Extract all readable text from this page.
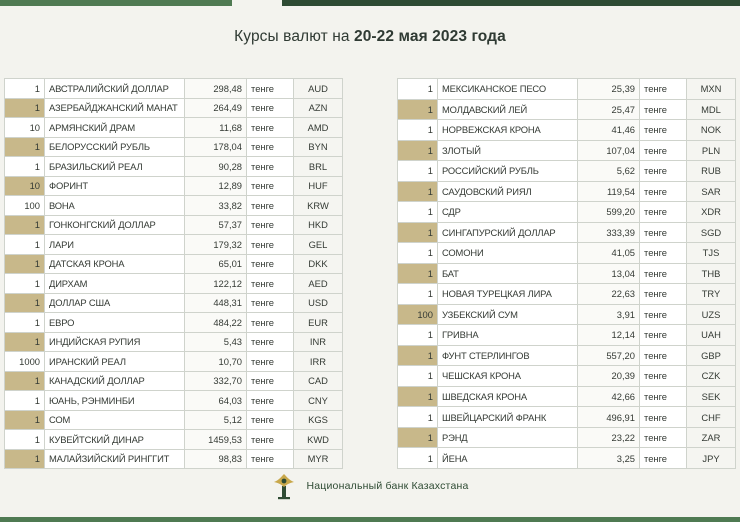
Курсы валют на 20-22 мая 2023 года
1	АВСТРАЛИЙСКИЙ ДОЛЛАР	298,48	тенге	AUD
1	АЗЕРБАЙДЖАНСКИЙ МАНАТ	264,49	тенге	AZN
10	АРМЯНСКИЙ ДРАМ	11,68	тенге	AMD
1	БЕЛОРУССКИЙ РУБЛЬ	178,04	тенге	BYN
1	БРАЗИЛЬСКИЙ РЕАЛ	90,28	тенге	BRL
10	ФОРИНТ	12,89	тенге	HUF
100	ВОНА	33,82	тенге	KRW
1	ГОНКОНГСКИЙ ДОЛЛАР	57,37	тенге	HKD
1	ЛАРИ	179,32	тенге	GEL
1	ДАТСКАЯ КРОНА	65,01	тенге	DKK
1	ДИРХАМ	122,12	тенге	AED
1	ДОЛЛАР США	448,31	тенге	USD
1	ЕВРО	484,22	тенге	EUR
1	ИНДИЙСКАЯ РУПИЯ	5,43	тенге	INR
1000	ИРАНСКИЙ РЕАЛ	10,70	тенге	IRR
1	КАНАДСКИЙ ДОЛЛАР	332,70	тенге	CAD
1	ЮАНЬ, РЭНМИНБИ	64,03	тенге	CNY
1	СОМ	5,12	тенге	KGS
1	КУВЕЙТСКИЙ ДИНАР	1459,53	тенге	KWD
1	МАЛАЙЗИЙСКИЙ РИНГГИТ	98,83	тенге	MYR
1	МЕКСИКАНСКОЕ ПЕСО	25,39	тенге	MXN
1	МОЛДАВСКИЙ ЛЕЙ	25,47	тенге	MDL
1	НОРВЕЖСКАЯ КРОНА	41,46	тенге	NOK
1	ЗЛОТЫЙ	107,04	тенге	PLN
1	РОССИЙСКИЙ РУБЛЬ	5,62	тенге	RUB
1	САУДОВСКИЙ РИЯЛ	119,54	тенге	SAR
1	СДР	599,20	тенге	XDR
1	СИНГАПУРСКИЙ ДОЛЛАР	333,39	тенге	SGD
1	СОМОНИ	41,05	тенге	TJS
1	БАТ	13,04	тенге	THB
1	НОВАЯ ТУРЕЦКАЯ ЛИРА	22,63	тенге	TRY
100	УЗБЕКСКИЙ СУМ	3,91	тенге	UZS
1	ГРИВНА	12,14	тенге	UAH
1	ФУНТ СТЕРЛИНГОВ	557,20	тенге	GBP
1	ЧЕШСКАЯ КРОНА	20,39	тенге	CZK
1	ШВЕДСКАЯ КРОНА	42,66	тенге	SEK
1	ШВЕЙЦАРСКИЙ ФРАНК	496,91	тенге	CHF
1	РЭНД	23,22	тенге	ZAR
1	ЙЕНА	3,25	тенге	JPY
Национальный банк Казахстана
